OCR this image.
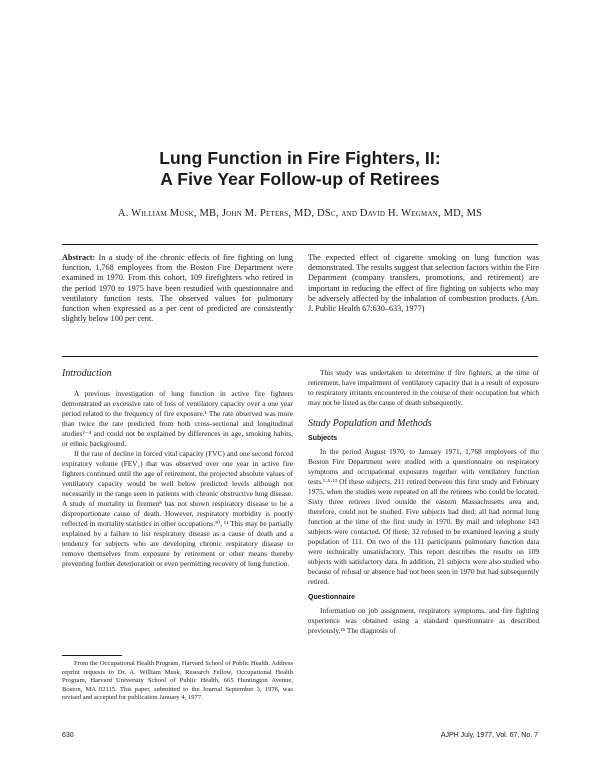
Lung Function in Fire Fighters, II:
A Five Year Follow-up of Retirees
A. William Musk, MB, John M. Peters, MD, DSc, and David H. Wegman, MD, MS

Abstract: In a study of the chronic effects of fire fighting on lung function, 1,768 employees from the Boston Fire Department were examined in 1970. From this cohort, 109 firefighters who retired in the period 1970 to 1975 have been restudied with questionnaire and ventilatory function tests. The observed values for pulmonary function when expressed as a per cent of predicted are consistently slightly below 100 per cent.

The expected effect of cigarette smoking on lung function was demonstrated. The results suggest that selection factors within the Fire Department (company transfers, promotions, and retirement) are important in reducing the effect of fire fighting on subjects who may be adversely affected by the inhalation of combustion products. (Am. J. Public Health 67:630–633, 1977)

Introduction

A previous investigation of lung function in active fire fighters demonstrated an excessive rate of loss of ventilatory capacity over a one year period related to the frequency of fire exposure.¹ The rate observed was more than twice the rate predicted from both cross-sectional and longitudinal studies²⁻⁴ and could not be explained by differences in age, smoking habits, or ethnic background.

If the rate of decline in forced vital capacity (FVC) and one second forced expiratory volume (FEV₁) that was observed over one year in active fire fighters continued until the age of retirement, the projected absolute values of ventilatory capacity would be well below predicted levels although not necessarily in the range seen in patients with chronic obstructive lung disease. A study of mortality in firemen⁸ has not shown respiratory disease to be a disproportionate cause of death. However, respiratory morbidity is poorly reflected in mortality statistics in other occupations.¹⁰, ¹¹ This may be partially explained by a failure to list respiratory disease as a cause of death and a tendency for subjects who are developing chronic respiratory disease to remove themselves from exposure by retirement or other means thereby preventing further deterioration or even permitting recovery of lung function.

From the Occupational Health Program, Harvard School of Public Health. Address reprint requests to Dr. A. William Musk, Research Fellow, Occupational Health Program, Harvard University School of Public Health, 665 Huntington Avenue, Boston, MA 02115. This paper, submitted to the Journal September 3, 1976, was revised and accepted for publication January 4, 1977.

This study was undertaken to determine if fire fighters, at the time of retirement, have impairment of ventilatory capacity that is a result of exposure to respiratory irritants encountered in the course of their occupation but which may not be listed as the cause of death subsequently.

Study Population and Methods
Subjects

In the period August 1970, to January 1971, 1,768 employees of the Boston Fire Department were studied with a questionnaire on respiratory symptoms and occupational exposures together with ventilatory function tests.¹·⁵·¹³ Of these subjects, 211 retired between this first study and February 1975, when the studies were repeated on all the retirees who could be located. Sixty three retirees lived outside the eastern Massachusetts area and, therefore, could not be studied. Five subjects had died; all had normal lung function at the time of the first study in 1970. By mail and telephone 143 subjects were contacted. Of these, 32 refused to be examined leaving a study population of 111. On two of the 111 participants pulmonary function data were technically unsatisfactory. This report describes the results on 109 subjects with satisfactory data. In addition, 21 subjects were also studied who because of refusal or absence had not been seen in 1970 but had subsequently retired.

Questionnaire

Information on job assignment, respiratory symptoms, and fire fighting experience was obtained using a standard questionnaire as described previously.¹⁵ The diagnosis of

630	AJPH July, 1977, Vol. 67, No. 7
